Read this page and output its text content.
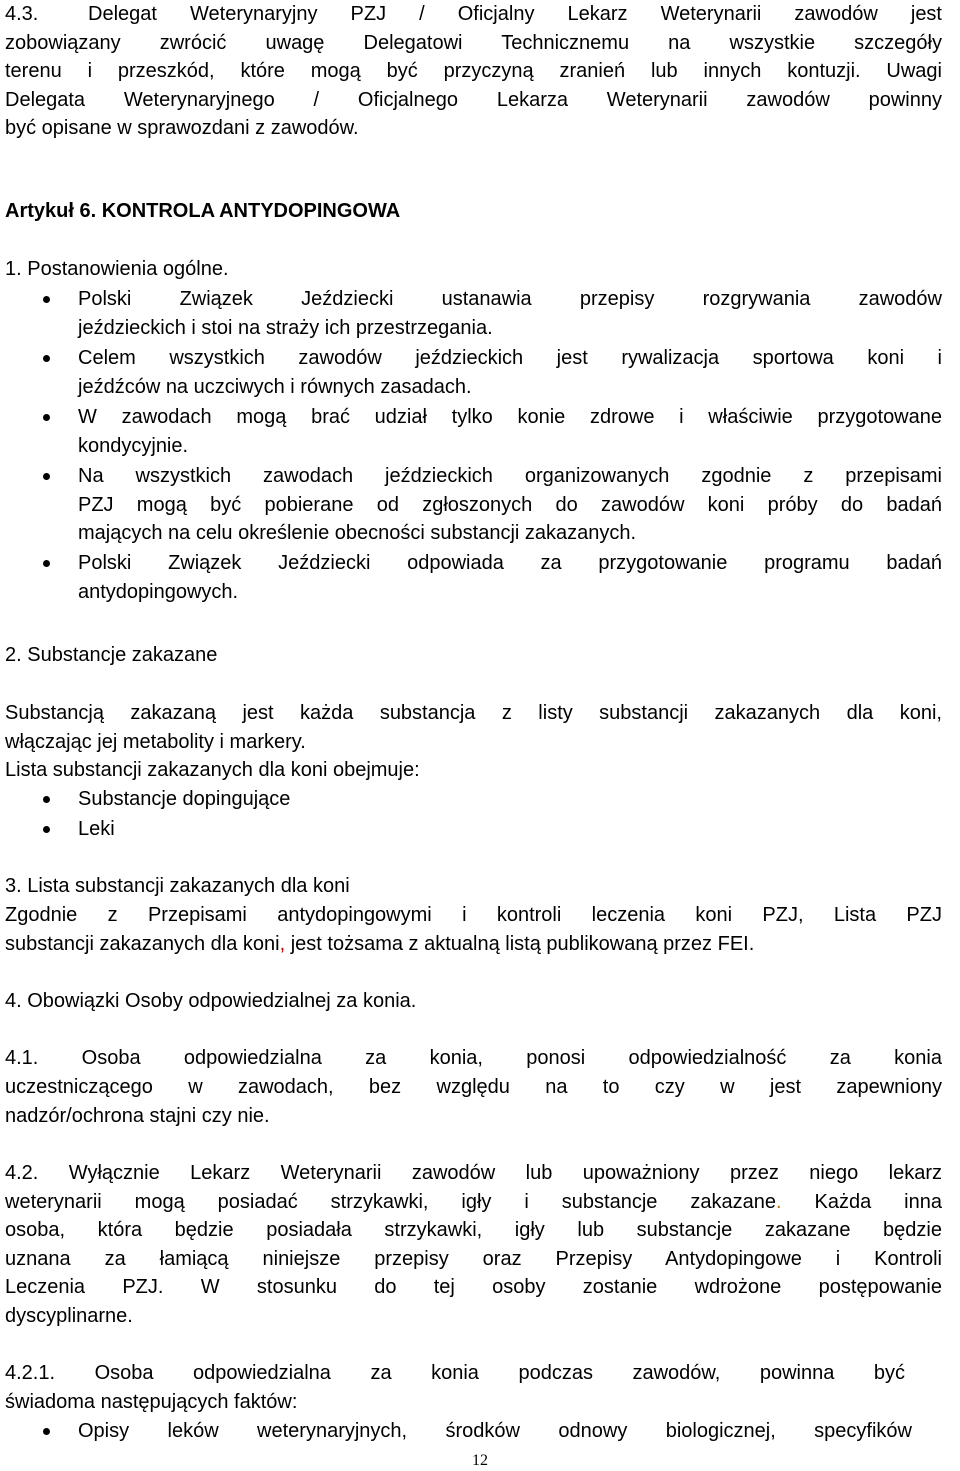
4.3. Delegat Weterynaryjny PZJ / Oficjalny Lekarz Weterynarii zawodów jest
zobowiązany zwrócić uwagę Delegatowi Technicznemu na wszystkie szczegóły
terenu i przeszkód, które mogą być przyczyną zranień lub innych kontuzji. Uwagi
Delegata Weterynaryjnego / Oficjalnego Lekarza Weterynarii zawodów powinny
być opisane w sprawozdani z zawodów.
Artykuł 6. KONTROLA ANTYDOPINGOWA
1. Postanowienia ogólne.
Polski Związek Jeździecki ustanawia przepisy rozgrywania zawodów
jeździeckich i stoi na straży ich przestrzegania.
Celem wszystkich zawodów jeździeckich jest rywalizacja sportowa koni i
jeźdźców na uczciwych i równych zasadach.
W zawodach mogą brać udział tylko konie zdrowe i właściwie przygotowane
kondycyjnie.
Na wszystkich zawodach jeździeckich organizowanych zgodnie z przepisami
PZJ mogą być pobierane od zgłoszonych do zawodów koni próby do badań
mających na celu określenie obecności substancji zakazanych.
Polski Związek Jeździecki odpowiada za przygotowanie programu badań
antydopingowych.
2. Substancje zakazane
Substancją zakazaną jest każda substancja z listy substancji zakazanych dla koni,
włączając jej metabolity i markery.
Lista substancji zakazanych dla koni obejmuje:
Substancje dopingujące
Leki
3. Lista substancji zakazanych dla koni
Zgodnie z Przepisami antydopingowymi i kontroli leczenia koni PZJ, Lista PZJ
substancji zakazanych dla koni, jest tożsama z aktualną listą publikowaną przez FEI.
4. Obowiązki Osoby odpowiedzialnej za konia.
4.1. Osoba odpowiedzialna za konia, ponosi odpowiedzialność za konia
uczestniczącego w zawodach, bez względu na to czy w jest zapewniony
nadzór/ochrona stajni czy nie.
4.2. Wyłącznie Lekarz Weterynarii zawodów lub upoważniony przez niego lekarz
weterynarii mogą posiadać strzykawki, igły i substancje zakazane. Każda inna
osoba, która będzie posiadała strzykawki, igły lub substancje zakazane będzie
uznana za łamiącą niniejsze przepisy oraz Przepisy Antydopingowe i Kontroli
Leczenia PZJ. W stosunku do tej osoby zostanie wdrożone postępowanie
dyscyplinarne.
4.2.1. Osoba odpowiedzialna za konia podczas zawodów, powinna być
świadoma następujących faktów:
Opisy leków weterynaryjnych, środków odnowy biologicznej, specyfików
12
